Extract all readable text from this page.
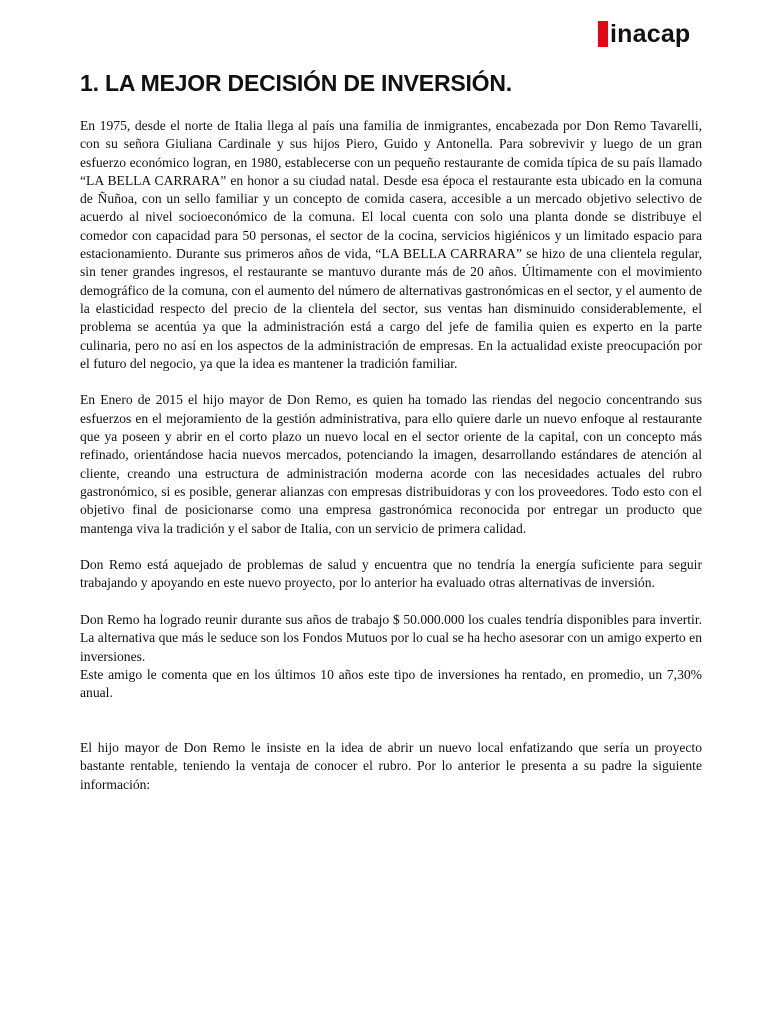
inacap
1. LA MEJOR DECISIÓN DE INVERSIÓN.

En 1975, desde el norte de Italia llega al país una familia de inmigrantes, encabezada por Don Remo Tavarelli, con su señora Giuliana Cardinale y sus hijos Piero, Guido y Antonella. Para sobrevivir y luego de un gran esfuerzo económico logran, en 1980, establecerse con un pequeño restaurante de comida típica de su país llamado “LA BELLA CARRARA” en honor a su ciudad natal. Desde esa época el restaurante esta ubicado en la comuna de Ñuñoa, con un sello familiar y un concepto de comida casera, accesible a un mercado objetivo selectivo de acuerdo al nivel socioeconómico de la comuna. El local cuenta con solo una planta donde se distribuye el comedor con capacidad para 50 personas, el sector de la cocina, servicios higiénicos y un limitado espacio para estacionamiento. Durante sus primeros años de vida, “LA BELLA CARRARA” se hizo de una clientela regular, sin tener grandes ingresos, el restaurante se mantuvo durante más de 20 años. Últimamente con el movimiento demográfico de la comuna, con el aumento del número de alternativas gastronómicas en el sector, y el aumento de la elasticidad respecto del precio de la clientela del sector, sus ventas han disminuido considerablemente, el problema se acentúa ya que la administración está a cargo del jefe de familia quien es experto en la parte culinaria, pero no así en los aspectos de la administración de empresas. En la actualidad existe preocupación por el futuro del negocio, ya que la idea es mantener la tradición familiar.

En Enero de 2015 el hijo mayor de Don Remo, es quien ha tomado las riendas del negocio concentrando sus esfuerzos en el mejoramiento de la gestión administrativa, para ello quiere darle un nuevo enfoque al restaurante que ya poseen y abrir en el corto plazo un nuevo local en el sector oriente de la capital, con un concepto más refinado, orientándose hacia nuevos mercados, potenciando la imagen, desarrollando estándares de atención al cliente, creando una estructura de administración moderna acorde con las necesidades actuales del rubro gastronómico, si es posible, generar alianzas con empresas distribuidoras y con los proveedores. Todo esto con el objetivo final de posicionarse como una empresa gastronómica reconocida por entregar un producto que mantenga viva la tradición y el sabor de Italia, con un servicio de primera calidad.

Don Remo está aquejado de problemas de salud y encuentra que no tendría la energía suficiente para seguir trabajando y apoyando en este nuevo proyecto, por lo anterior ha evaluado otras alternativas de inversión.

Don Remo ha logrado reunir durante sus años de trabajo $ 50.000.000 los cuales tendría disponibles para invertir. La alternativa que más le seduce son los Fondos Mutuos por lo cual se ha hecho asesorar con un amigo experto en inversiones.

Este amigo le comenta que en los últimos 10 años este tipo de inversiones ha rentado, en promedio, un 7,30% anual.

El hijo mayor de Don Remo le insiste en la idea de abrir un nuevo local enfatizando que sería un proyecto bastante rentable, teniendo la ventaja de conocer el rubro. Por lo anterior le presenta a su padre la siguiente información:
